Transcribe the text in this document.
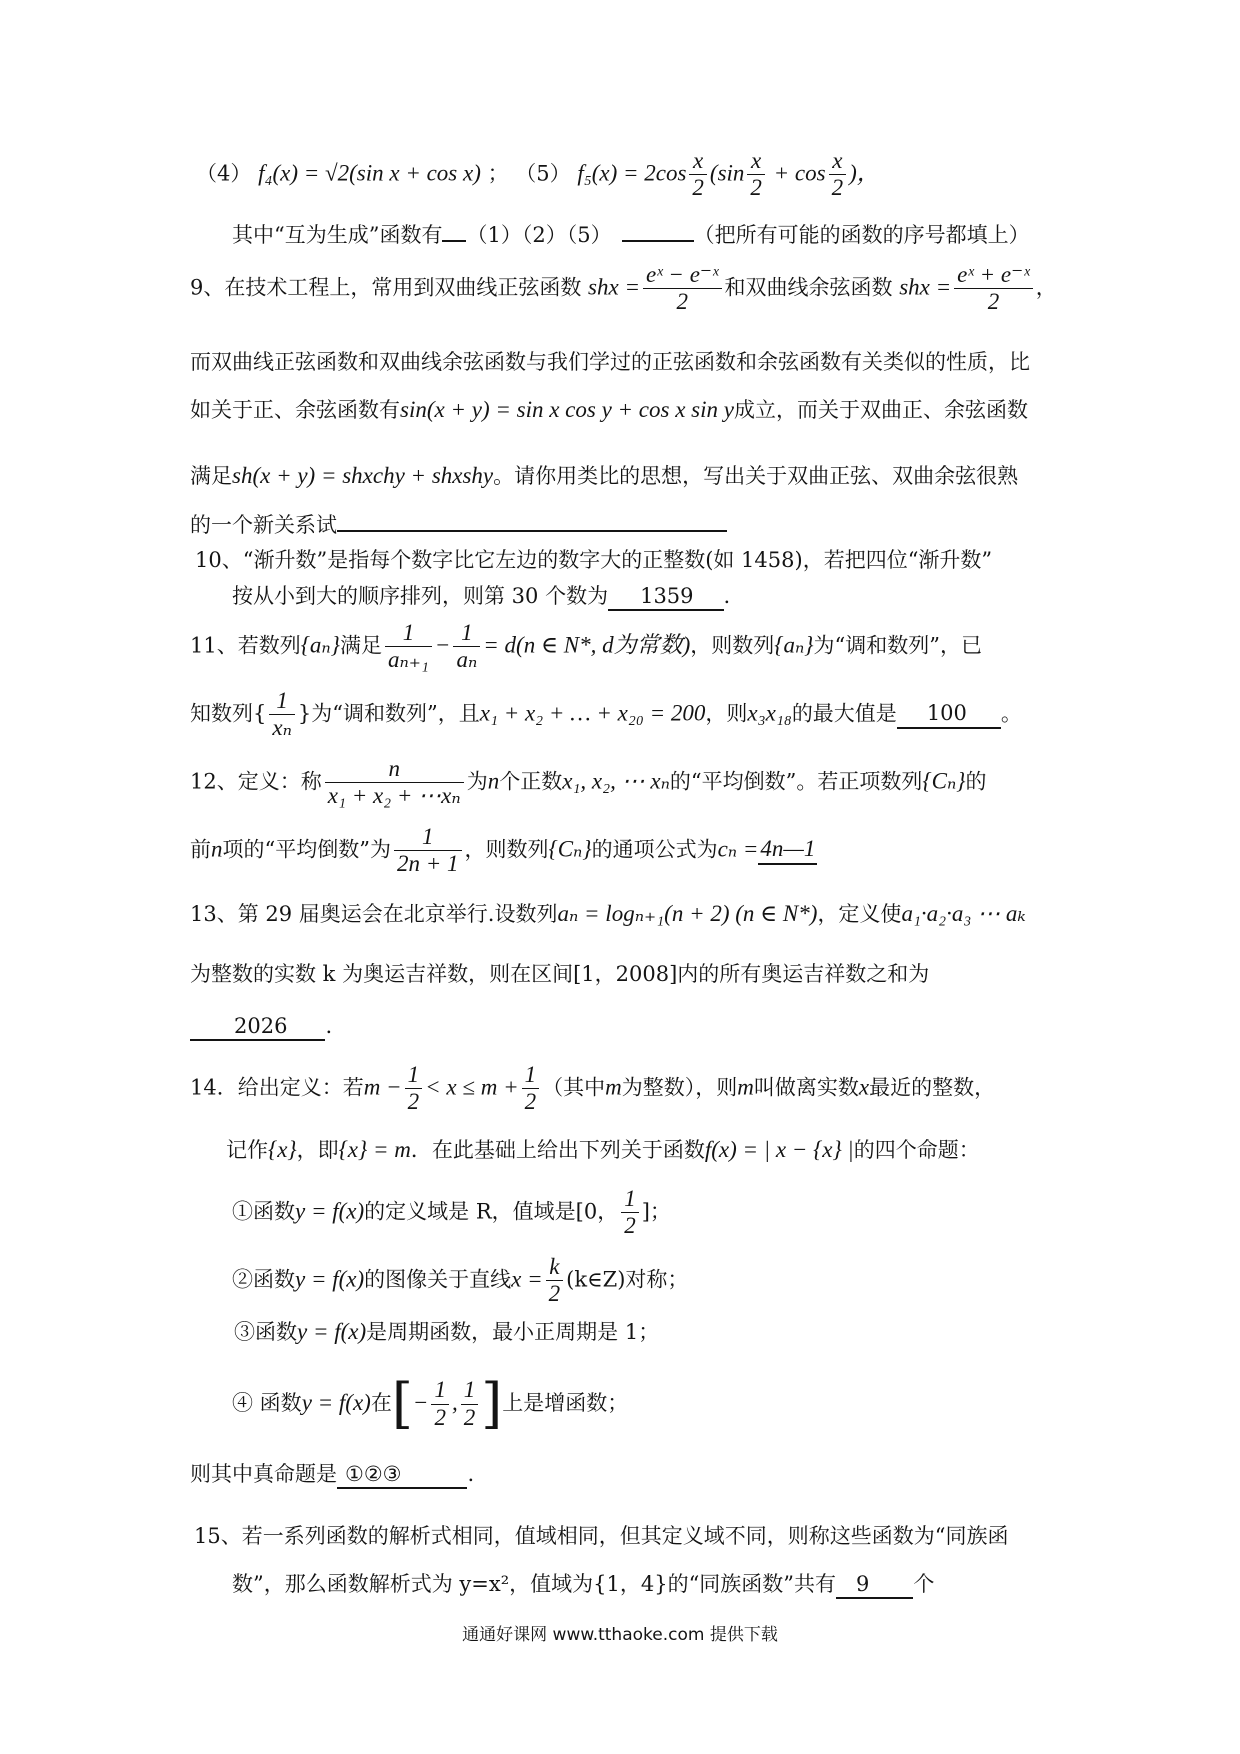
（4） f₄(x) = √2(sin x + cos x) ； （5） $f_5(x) = 2\cos \frac{x}{2} (\sin \frac{x}{2} + \cos \frac{x}{2}$ )，
其中“互为生成”函数有 （1）（2）（5）	（把所有可能的函数的序号都填上）
9、在技术工程上，常用到双曲线正弦函数 shx = $\frac{\text{eˣ − e⁻ˣ}}{2}$ 和双曲线余弦函数 shx = $\frac{\text{eˣ + e⁻ˣ}}{2}$ ，
而双曲线正弦函数和双曲线余弦函数与我们学过的正弦函数和余弦函数有关类似的性质，比
如关于正、余弦函数有sin(x + y) = sin x cos y + cos x sin y成立，而关于双曲正、余弦函数
满足sh(x + y) = shxchy + shxshy。请你用类比的思想，写出关于双曲正弦、双曲余弦很熟
的一个新关系试
10、“渐升数”是指每个数字比它左边的数字大的正整数(如 1458)，若把四位“渐升数”
按从小到大的顺序排列，则第 30 个数为 1359 .
11、若数列{aₙ}满足 $\frac{1}{\text{aₙ₊₁}} - \frac{1}{\text{aₙ}} = d(n$ ∈ N*, d为常数)，则数列{aₙ}为“调和数列”，已
知数列{ $\frac{1}{\text{xₙ}}$ }为“调和数列”，且x₁ + x₂ + … + x₂₀ = 200，则x₃x₁₈的最大值是 100 。
12、定义：称 $\frac{n}{\text{x₁ + x₂ + ⋯xₙ}}$ 为n个正数x₁, x₂, ⋯ xₙ的“平均倒数”。若正项数列{Cₙ}的
前n项的“平均倒数”为 $\frac{1}{2n + 1}$ ，则数列{Cₙ}的通项公式为cₙ =4n—1
13、第 29 届奥运会在北京举行.设数列aₙ = logₙ₊₁(n + 2) (n ∈ N*)，定义使a₁·a₂·a₃ ⋯ aₖ
为整数的实数 k 为奥运吉祥数，则在区间[1，2008]内的所有奥运吉祥数之和为
2026 .
14．给出定义：若$m - \frac{1}{2} < x \le m + \frac{1}{2}$ （其中m为整数），则m叫做离实数x最近的整数，
记作{x}，即{x} = m．在此基础上给出下列关于函数f(x) = | x − {x} |的四个命题：
①函数y = f(x)的定义域是 R，值域是[0， $\frac{1}{2}$ ]；
②函数y = f(x)的图像关于直线$x = \frac{k}{2}$ (k∈Z)对称；
③函数y = f(x)是周期函数，最小正周期是 1；
④ 函数y = f(x)在[− $\frac{1}{2}$ , $\frac{1}{2}$ ]上是增函数；
则其中真命题是 ①②③	.
15、若一系列函数的解析式相同，值域相同，但其定义域不同，则称这些函数为“同族函
数”，那么函数解析式为 y=x²，值域为{1，4}的“同族函数”共有 9 个
通通好课网 www.tthaoke.com 提供下载
